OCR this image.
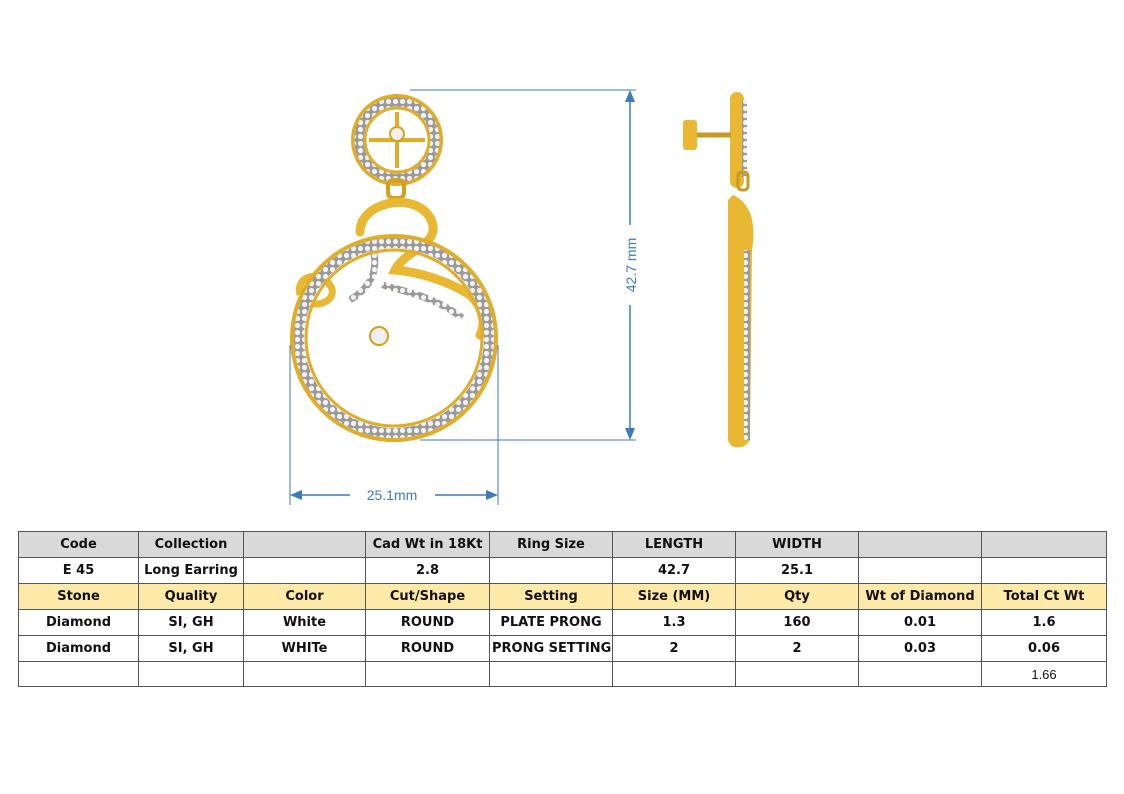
42.7 mm
25.1mm
Code	Collection		Cad Wt in 18Kt	Ring Size	LENGTH	WIDTH		
E 45	Long Earring		2.8		42.7	25.1		
Stone	Quality	Color	Cut/Shape	Setting	Size (MM)	Qty	Wt of Diamond	Total Ct Wt
Diamond	SI, GH	White	ROUND	PLATE PRONG	1.3	160	0.01	1.6
Diamond	SI, GH	WHITe	ROUND	PRONG SETTING	2	2	0.03	0.06
								1.66
